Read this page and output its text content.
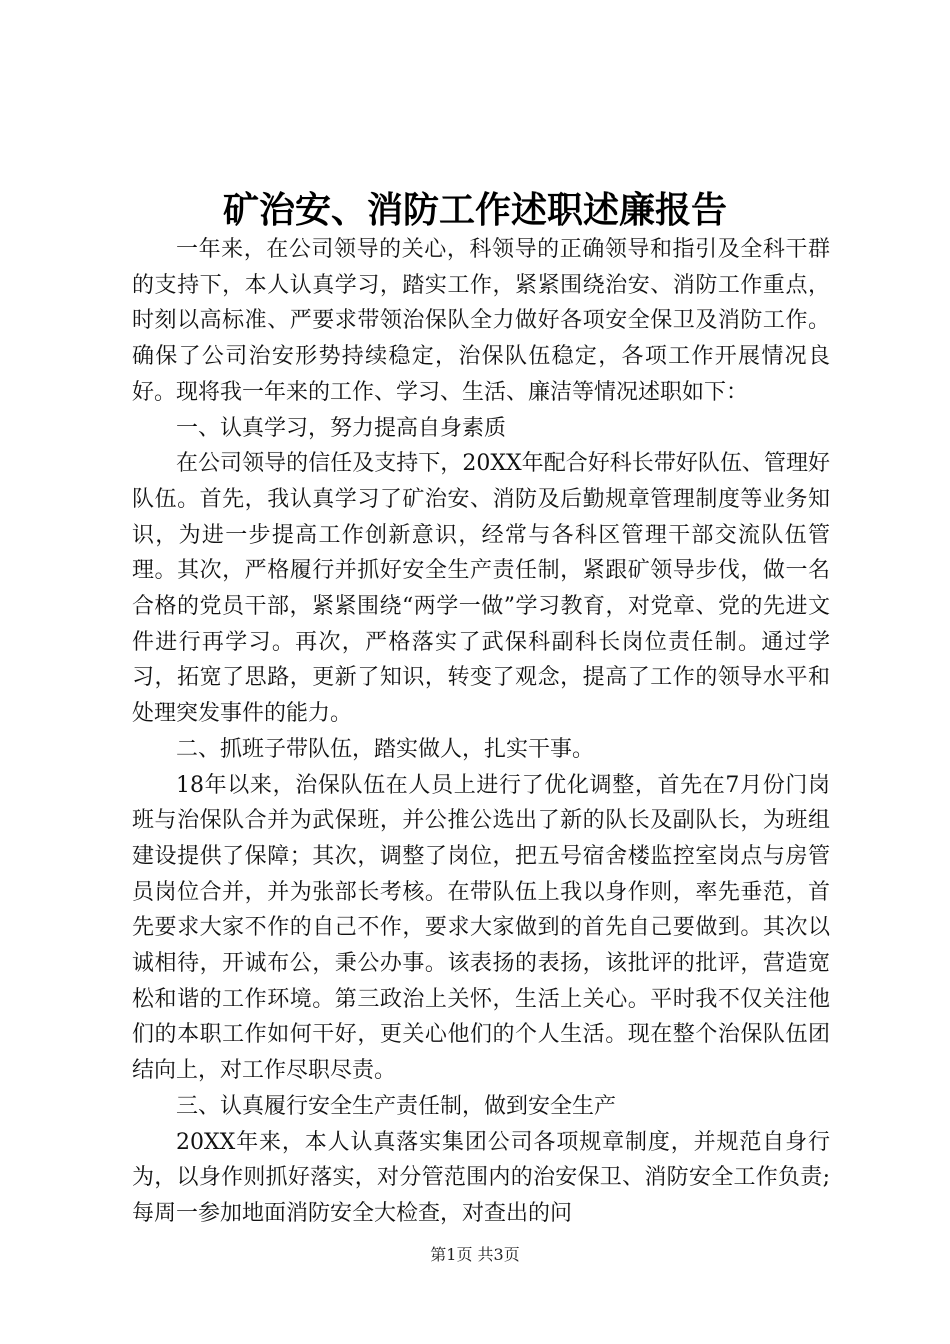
矿治安、消防工作述职述廉报告

一年来，在公司领导的关心，科领导的正确领导和指引及全科干群的支持下，本人认真学习，踏实工作，紧紧围绕治安、消防工作重点，时刻以高标准、严要求带领治保队全力做好各项安全保卫及消防工作。确保了公司治安形势持续稳定，治保队伍稳定，各项工作开展情况良好。现将我一年来的工作、学习、生活、廉洁等情况述职如下：

一、认真学习，努力提高自身素质

在公司领导的信任及支持下，20XX年配合好科长带好队伍、管理好队伍。首先，我认真学习了矿治安、消防及后勤规章管理制度等业务知识，为进一步提高工作创新意识，经常与各科区管理干部交流队伍管理。其次，严格履行并抓好安全生产责任制，紧跟矿领导步伐，做一名合格的党员干部，紧紧围绕“两学一做”学习教育，对党章、党的先进文件进行再学习。再次，严格落实了武保科副科长岗位责任制。通过学习，拓宽了思路，更新了知识，转变了观念，提高了工作的领导水平和处理突发事件的能力。

二、抓班子带队伍，踏实做人，扎实干事。

18年以来，治保队伍在人员上进行了优化调整，首先在7月份门岗班与治保队合并为武保班，并公推公选出了新的队长及副队长，为班组建设提供了保障；其次，调整了岗位，把五号宿舍楼监控室岗点与房管员岗位合并，并为张部长考核。在带队伍上我以身作则，率先垂范，首先要求大家不作的自己不作，要求大家做到的首先自己要做到。其次以诚相待，开诚布公，秉公办事。该表扬的表扬，该批评的批评，营造宽松和谐的工作环境。第三政治上关怀，生活上关心。平时我不仅关注他们的本职工作如何干好，更关心他们的个人生活。现在整个治保队伍团结向上，对工作尽职尽责。

三、认真履行安全生产责任制，做到安全生产

20XX年来，本人认真落实集团公司各项规章制度，并规范自身行为，以身作则抓好落实，对分管范围内的治安保卫、消防安全工作负责;每周一参加地面消防安全大检查，对查出的问

第1页 共3页
